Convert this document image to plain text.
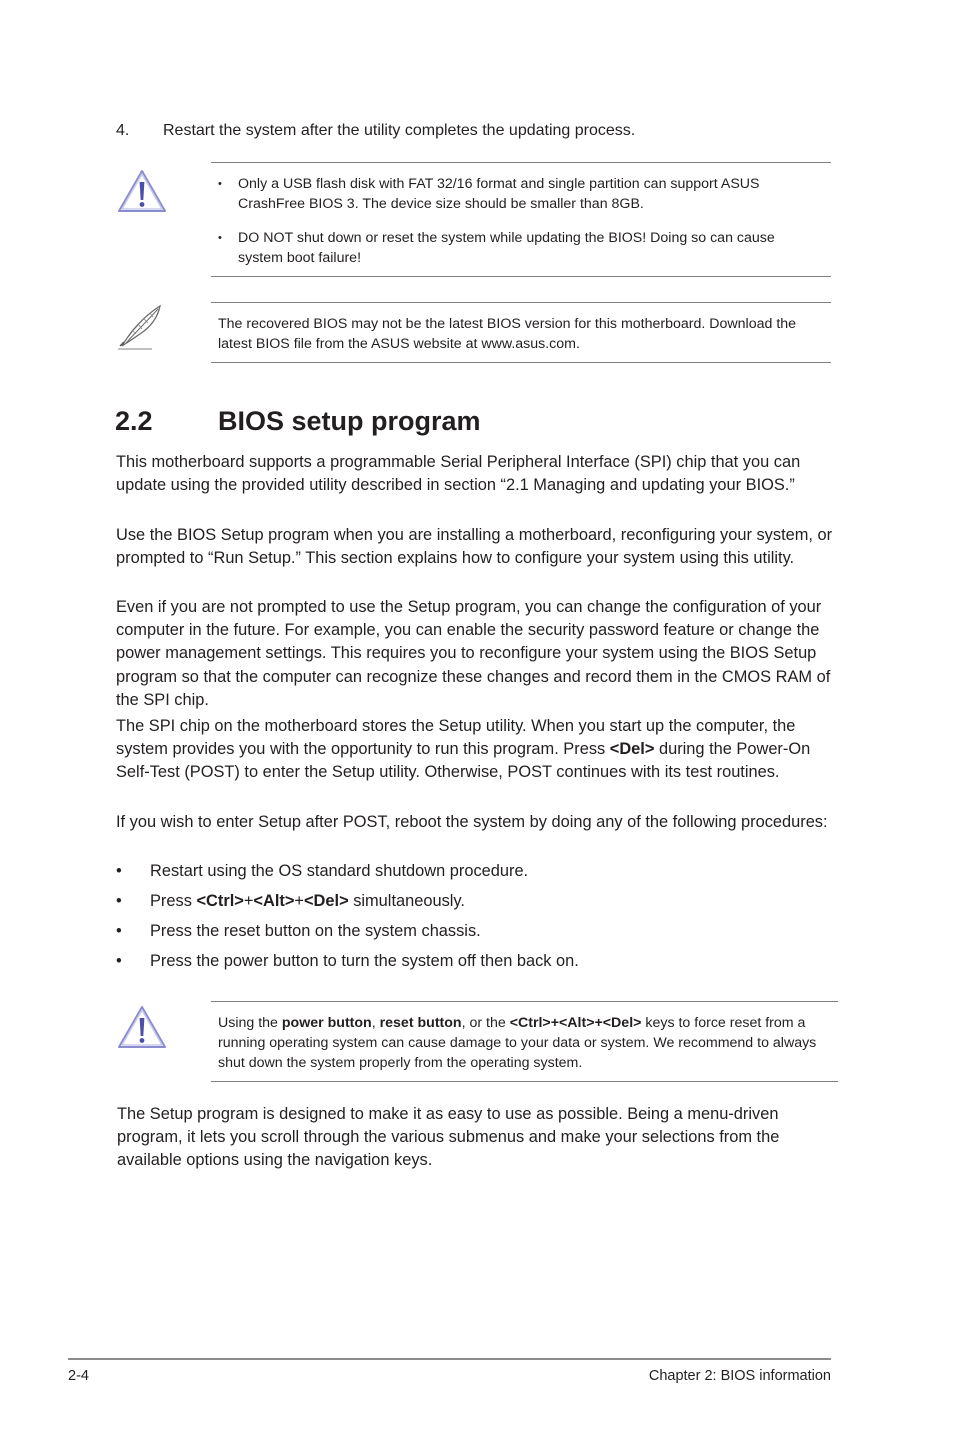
4. Restart the system after the utility completes the updating process.
• Only a USB flash disk with FAT 32/16 format and single partition can support ASUS CrashFree BIOS 3. The device size should be smaller than 8GB.
• DO NOT shut down or reset the system while updating the BIOS! Doing so can cause system boot failure!
The recovered BIOS may not be the latest BIOS version for this motherboard. Download the latest BIOS file from the ASUS website at www.asus.com.
2.2 BIOS setup program
This motherboard supports a programmable Serial Peripheral Interface (SPI) chip that you can update using the provided utility described in section “2.1 Managing and updating your BIOS.”
Use the BIOS Setup program when you are installing a motherboard, reconfiguring your system, or prompted to “Run Setup.” This section explains how to configure your system using this utility.
Even if you are not prompted to use the Setup program, you can change the configuration of your computer in the future. For example, you can enable the security password feature or change the power management settings. This requires you to reconfigure your system using the BIOS Setup program so that the computer can recognize these changes and record them in the CMOS RAM of the SPI chip.
The SPI chip on the motherboard stores the Setup utility. When you start up the computer, the system provides you with the opportunity to run this program. Press <Del> during the Power-On Self-Test (POST) to enter the Setup utility. Otherwise, POST continues with its test routines.
If you wish to enter Setup after POST, reboot the system by doing any of the following procedures:
• Restart using the OS standard shutdown procedure.
• Press <Ctrl>+<Alt>+<Del> simultaneously.
• Press the reset button on the system chassis.
• Press the power button to turn the system off then back on.
Using the power button, reset button, or the <Ctrl>+<Alt>+<Del> keys to force reset from a running operating system can cause damage to your data or system. We recommend to always shut down the system properly from the operating system.
The Setup program is designed to make it as easy to use as possible. Being a menu-driven program, it lets you scroll through the various submenus and make your selections from the available options using the navigation keys.
2-4	Chapter 2: BIOS information
